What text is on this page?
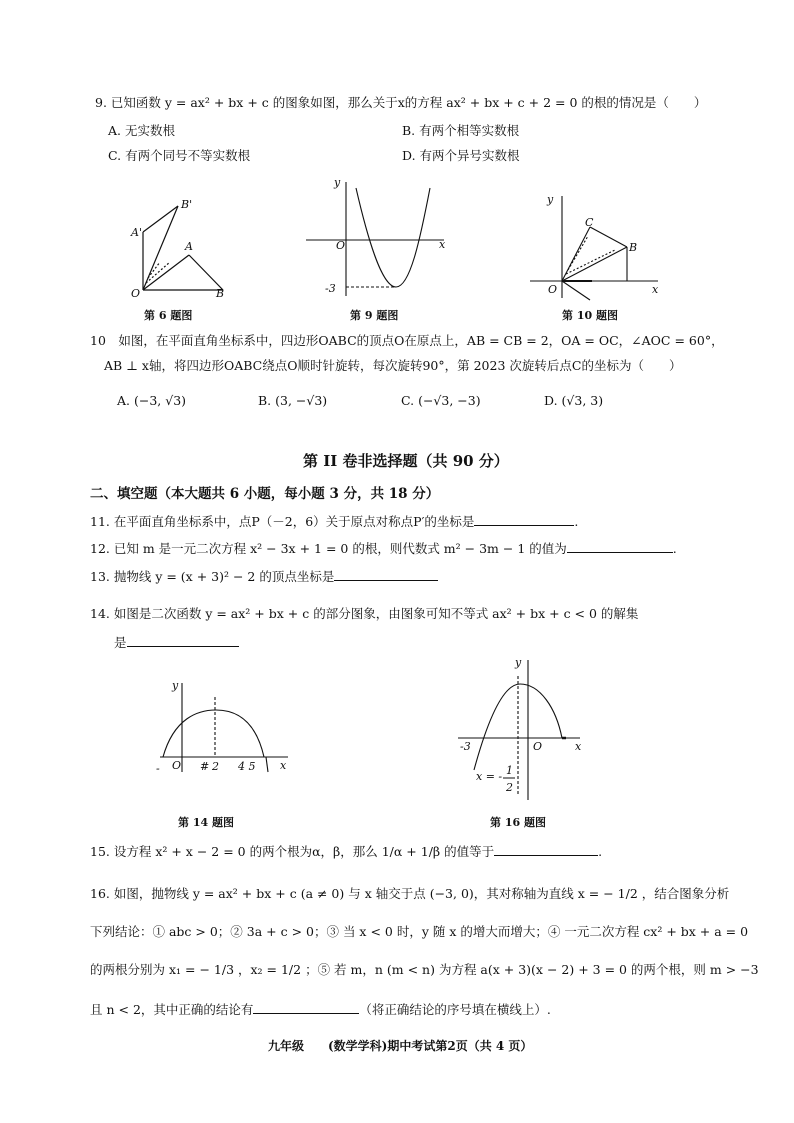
9. 已知函数 y = ax² + bx + c 的图象如图，那么关于x的方程 ax² + bx + c + 2 = 0 的根的情况是（　　）
A. 无实数根	B. 有两个相等实数根
C. 有两个同号不等实数根	D. 有两个异号实数根
O
A
B
A'
B'
y
x
O
-3
y
x
O
B
C
y
x
O
-	# 2 4 5
y
x
O
-3
x = - 1
2
第 6 题图	第 9 题图	第 10 题图
10　如图，在平面直角坐标系中，四边形OABC的顶点O在原点上，AB = CB = 2，OA = OC，∠AOC = 60°，
AB ⊥ x轴，将四边形OABC绕点O顺时针旋转，每次旋转90°，第 2023 次旋转后点C的坐标为（　　）
A. (−3, √3)	B. (3, −√3)	C. (−√3, −3)	D. (√3, 3)
第 II 卷非选择题（共 90 分）
二、填空题（本大题共 6 小题，每小题 3 分，共 18 分）
11. 在平面直角坐标系中，点P（－2，6）关于原点对称点P′的坐标是	.
12. 已知 m 是一元二次方程 x² − 3x + 1 = 0 的根，则代数式 m² − 3m − 1 的值为	.
13. 抛物线 y = (x + 3)² − 2 的顶点坐标是
14. 如图是二次函数 y = ax² + bx + c 的部分图象，由图象可知不等式 ax² + bx + c < 0 的解集
是
第 14 题图	第 16 题图
15. 设方程 x² + x − 2 = 0 的两个根为α，β，那么 1/α + 1/β 的值等于	.
16. 如图，抛物线 y = ax² + bx + c (a ≠ 0) 与 x 轴交于点 (−3, 0)，其对称轴为直线 x = − 1/2 ，结合图象分析
下列结论：① abc > 0；② 3a + c > 0；③ 当 x < 0 时，y 随 x 的增大而增大；④ 一元二次方程 cx² + bx + a = 0
的两根分别为 x₁ = − 1/3 ，x₂ = 1/2 ；⑤ 若 m，n (m < n) 为方程 a(x + 3)(x − 2) + 3 = 0 的两个根，则 m > −3
且 n < 2，其中正确的结论有	（将正确结论的序号填在横线上）.
九年级　　(数学学科)期中考试第2页（共 4 页）
